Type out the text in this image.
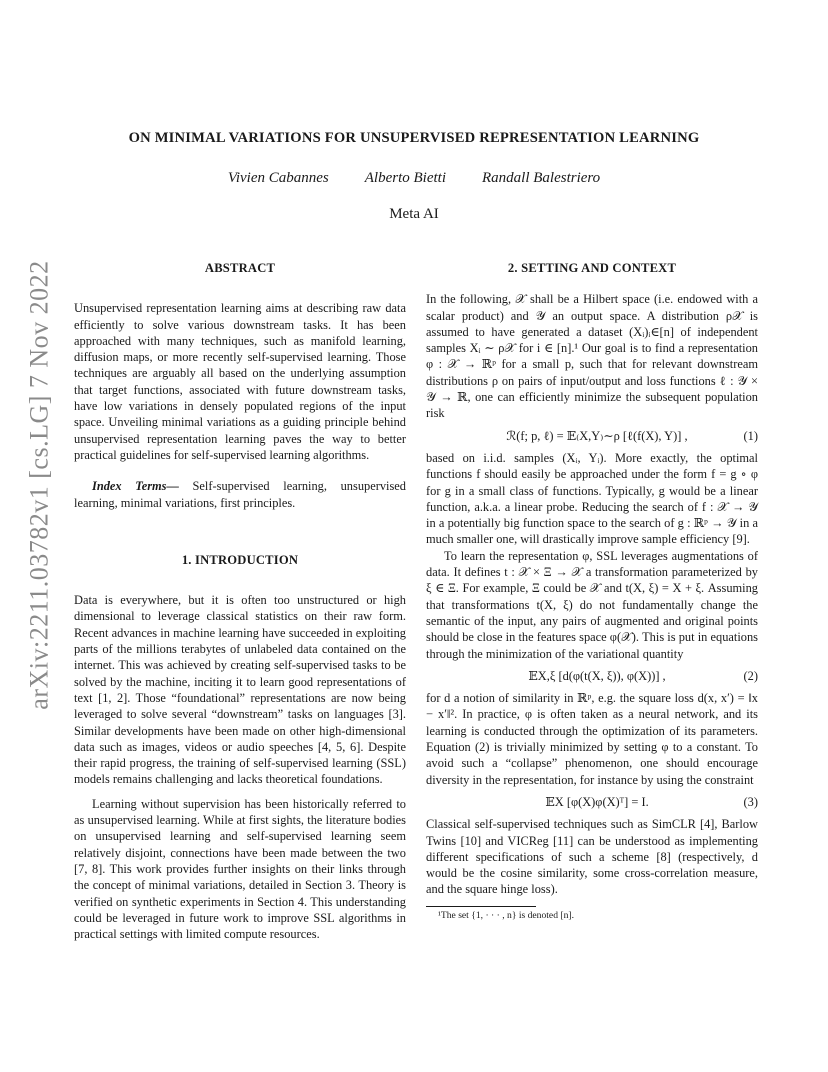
arXiv:2211.03782v1 [cs.LG] 7 Nov 2022
ON MINIMAL VARIATIONS FOR UNSUPERVISED REPRESENTATION LEARNING
Vivien Cabannes Alberto Bietti Randall Balestriero
Meta AI
ABSTRACT

Unsupervised representation learning aims at describing raw data efficiently to solve various downstream tasks. It has been approached with many techniques, such as manifold learning, diffusion maps, or more recently self-supervised learning. Those techniques are arguably all based on the underlying assumption that target functions, associated with future downstream tasks, have low variations in densely populated regions of the input space. Unveiling minimal variations as a guiding principle behind unsupervised representation learning paves the way to better practical guidelines for self-supervised learning algorithms.

Index Terms— Self-supervised learning, unsupervised learning, minimal variations, first principles.

1. INTRODUCTION

Data is everywhere, but it is often too unstructured or high dimensional to leverage classical statistics on their raw form. Recent advances in machine learning have succeeded in exploiting parts of the millions terabytes of unlabeled data contained on the internet. This was achieved by creating self-supervised tasks to be solved by the machine, inciting it to learn good representations of text [1, 2]. Those “foundational” representations are now being leveraged to solve several “downstream” tasks on languages [3]. Similar developments have been made on other high-dimensional data such as images, videos or audio speeches [4, 5, 6]. Despite their rapid progress, the training of self-supervised learning (SSL) models remains challenging and lacks theoretical foundations.

Learning without supervision has been historically referred to as unsupervised learning. While at first sights, the literature bodies on unsupervised learning and self-supervised learning seem relatively disjoint, connections have been made between the two [7, 8]. This work provides further insights on their links through the concept of minimal variations, detailed in Section 3. Theory is verified on synthetic experiments in Section 4. This understanding could be leveraged in future work to improve SSL algorithms in practical settings with limited compute resources.

2. SETTING AND CONTEXT

In the following, 𝒳 shall be a Hilbert space (i.e. endowed with a scalar product) and 𝒴 an output space. A distribution ρ𝒳 is assumed to have generated a dataset (Xᵢ)ᵢ∈[n] of independent samples Xᵢ ∼ ρ𝒳 for i ∈ [n].¹ Our goal is to find a representation φ : 𝒳 → ℝᵖ for a small p, such that for relevant downstream distributions ρ on pairs of input/output and loss functions ℓ : 𝒴 × 𝒴 → ℝ, one can efficiently minimize the subsequent population risk

ℛ(f; p, ℓ) = 𝔼₍X,Y₎∼ρ [ℓ(f(X), Y)] ,	(1)

based on i.i.d. samples (Xᵢ, Yᵢ). More exactly, the optimal functions f should easily be approached under the form f = g ∘ φ for g in a small class of functions. Typically, g would be a linear function, a.k.a. a linear probe. Reducing the search of f : 𝒳 → 𝒴 in a potentially big function space to the search of g : ℝᵖ → 𝒴 in a much smaller one, will drastically improve sample efficiency [9].

To learn the representation φ, SSL leverages augmentations of data. It defines t : 𝒳 × Ξ → 𝒳 a transformation parameterized by ξ ∈ Ξ. For example, Ξ could be 𝒳 and t(X, ξ) = X + ξ. Assuming that transformations t(X, ξ) do not fundamentally change the semantic of the input, any pairs of augmented and original points should be close in the features space φ(𝒳). This is put in equations through the minimization of the variational quantity

𝔼X,ξ [d(φ(t(X, ξ)), φ(X))] ,	(2)

for d a notion of similarity in ℝᵖ, e.g. the square loss d(x, x′) = ‖x − x′‖². In practice, φ is often taken as a neural network, and its learning is conducted through the optimization of its parameters. Equation (2) is trivially minimized by setting φ to a constant. To avoid such a “collapse” phenomenon, one should encourage diversity in the representation, for instance by using the constraint

𝔼X [φ(X)φ(X)ᵀ] = I.	(3)

Classical self-supervised techniques such as SimCLR [4], Barlow Twins [10] and VICReg [11] can be understood as implementing different specifications of such a scheme [8] (respectively, d would be the cosine similarity, some cross-correlation measure, and the square hinge loss).

¹The set {1, · · · , n} is denoted [n].
